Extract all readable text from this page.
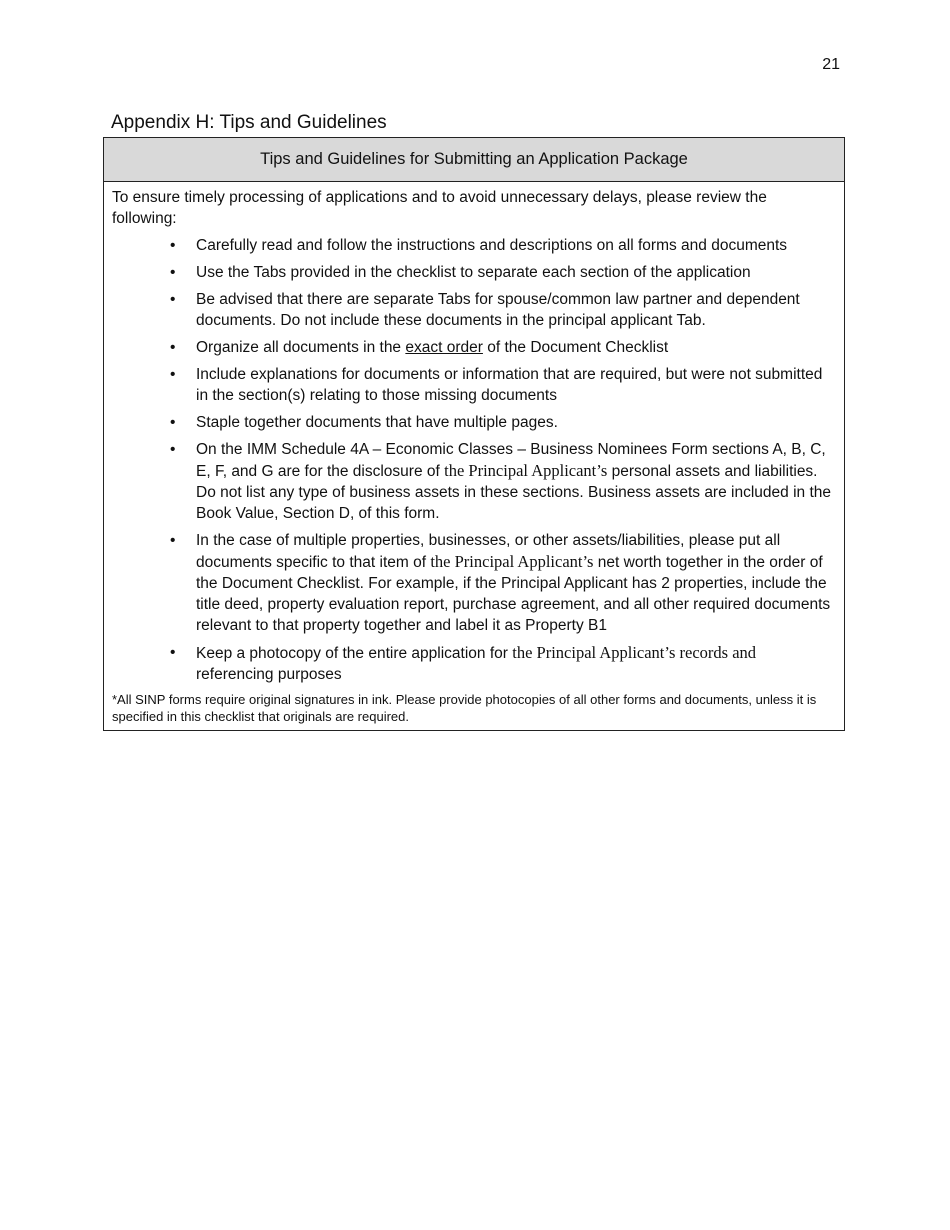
21
Appendix H: Tips and Guidelines
Tips and Guidelines for Submitting an Application Package

To ensure timely processing of applications and to avoid unnecessary delays, please review the following:

• Carefully read and follow the instructions and descriptions on all forms and documents
• Use the Tabs provided in the checklist to separate each section of the application
• Be advised that there are separate Tabs for spouse/common law partner and dependent documents. Do not include these documents in the principal applicant Tab.
• Organize all documents in the exact order of the Document Checklist
• Include explanations for documents or information that are required, but were not submitted in the section(s) relating to those missing documents
• Staple together documents that have multiple pages.
• On the IMM Schedule 4A – Economic Classes – Business Nominees Form sections A, B, C, E, F, and G are for the disclosure of the Principal Applicant’s personal assets and liabilities. Do not list any type of business assets in these sections. Business assets are included in the Book Value, Section D, of this form.
• In the case of multiple properties, businesses, or other assets/liabilities, please put all documents specific to that item of the Principal Applicant’s net worth together in the order of the Document Checklist. For example, if the Principal Applicant has 2 properties, include the title deed, property evaluation report, purchase agreement, and all other required documents relevant to that property together and label it as Property B1
• Keep a photocopy of the entire application for the Principal Applicant’s records and referencing purposes

*All SINP forms require original signatures in ink. Please provide photocopies of all other forms and documents, unless it is specified in this checklist that originals are required.
